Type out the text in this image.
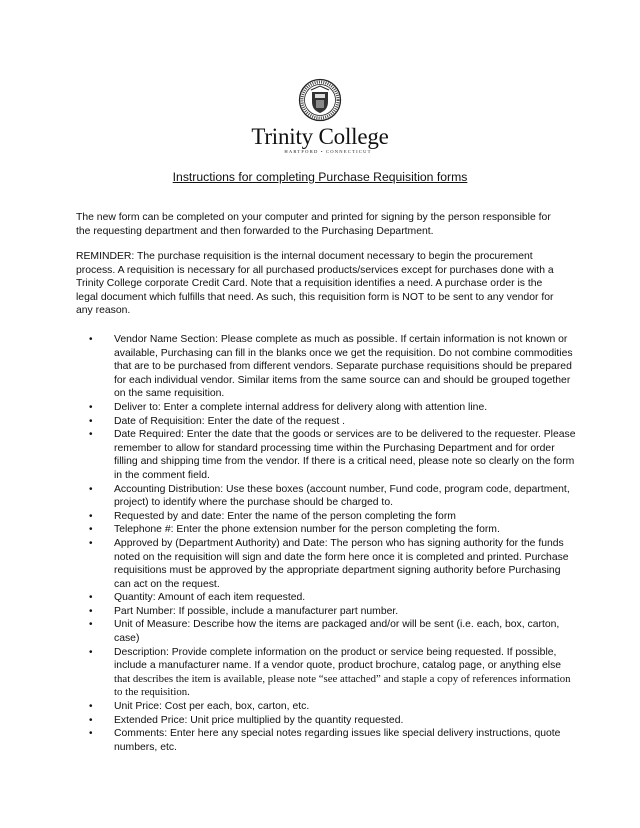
Trinity College
HARTFORD • CONNECTICUT
Instructions for completing Purchase Requisition forms

The new form can be completed on your computer and printed for signing by the person responsible for the requesting department and then forwarded to the Purchasing Department.

REMINDER: The purchase requisition is the internal document necessary to begin the procurement process. A requisition is necessary for all purchased products/services except for purchases done with a Trinity College corporate Credit Card. Note that a requisition identifies a need. A purchase order is the legal document which fulfills that need. As such, this requisition form is NOT to be sent to any vendor for any reason.

• Vendor Name Section: Please complete as much as possible. If certain information is not known or available, Purchasing can fill in the blanks once we get the requisition. Do not combine commodities that are to be purchased from different vendors. Separate purchase requisitions should be prepared for each individual vendor. Similar items from the same source can and should be grouped together on the same requisition.
• Deliver to: Enter a complete internal address for delivery along with attention line.
• Date of Requisition: Enter the date of the request .
• Date Required: Enter the date that the goods or services are to be delivered to the requester. Please remember to allow for standard processing time within the Purchasing Department and for order filling and shipping time from the vendor. If there is a critical need, please note so clearly on the form in the comment field.
• Accounting Distribution: Use these boxes (account number, Fund code, program code, department, project) to identify where the purchase should be charged to.
• Requested by and date: Enter the name of the person completing the form
• Telephone #: Enter the phone extension number for the person completing the form.
• Approved by (Department Authority) and Date: The person who has signing authority for the funds noted on the requisition will sign and date the form here once it is completed and printed. Purchase requisitions must be approved by the appropriate department signing authority before Purchasing can act on the request.
• Quantity: Amount of each item requested.
• Part Number: If possible, include a manufacturer part number.
• Unit of Measure: Describe how the items are packaged and/or will be sent (i.e. each, box, carton, case)
• Description: Provide complete information on the product or service being requested. If possible, include a manufacturer name. If a vendor quote, product brochure, catalog page, or anything else that describes the item is available, please note “see attached” and staple a copy of references information to the requisition.
• Unit Price: Cost per each, box, carton, etc.
• Extended Price: Unit price multiplied by the quantity requested.
• Comments: Enter here any special notes regarding issues like special delivery instructions, quote numbers, etc.
